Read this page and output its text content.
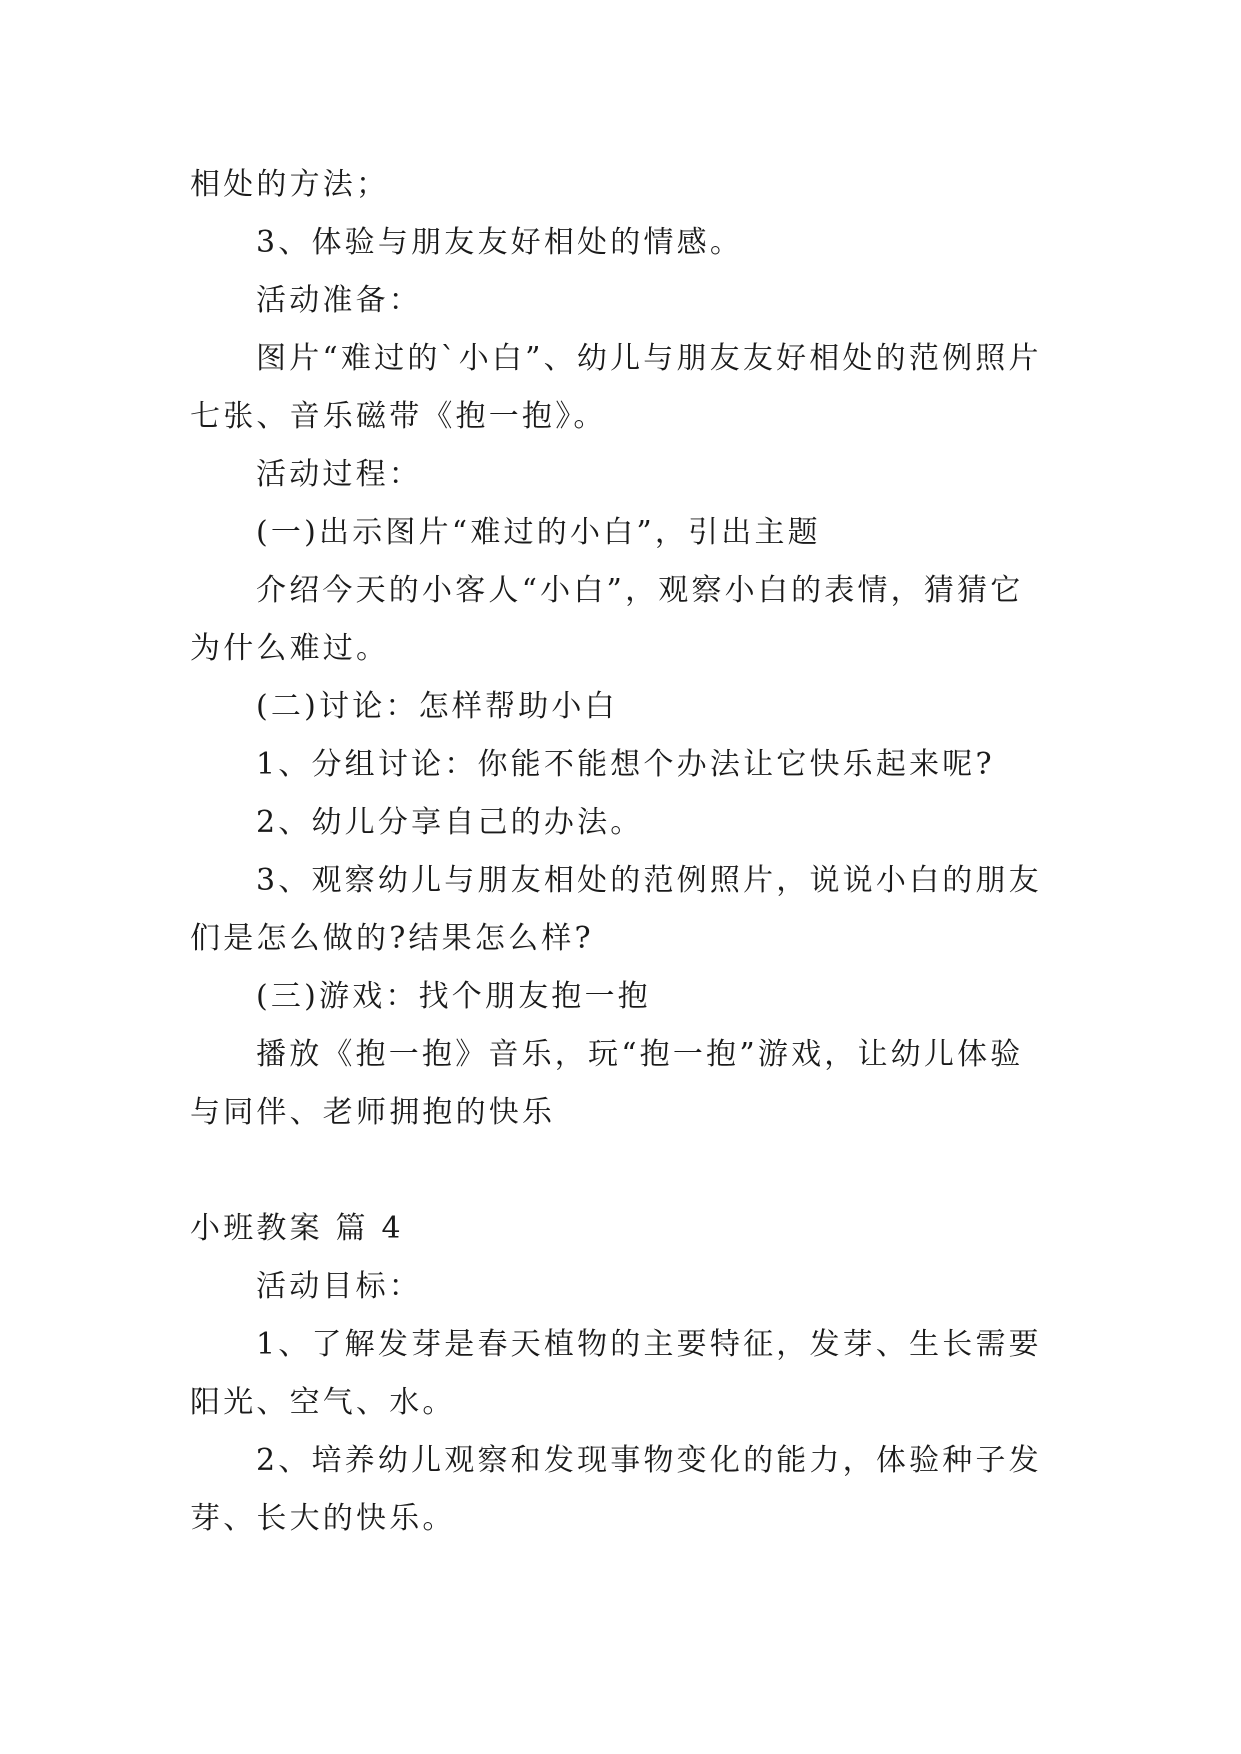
相处的方法；
3、体验与朋友友好相处的情感。
活动准备：
图片“难过的`小白”、幼儿与朋友友好相处的范例照片
七张、音乐磁带《抱一抱》。
活动过程：
(一)出示图片“难过的小白”，引出主题
介绍今天的小客人“小白”，观察小白的表情，猜猜它
为什么难过。
(二)讨论：怎样帮助小白
1、分组讨论：你能不能想个办法让它快乐起来呢?
2、幼儿分享自己的办法。
3、观察幼儿与朋友相处的范例照片，说说小白的朋友
们是怎么做的?结果怎么样?
(三)游戏：找个朋友抱一抱
播放《抱一抱》音乐，玩“抱一抱”游戏，让幼儿体验
与同伴、老师拥抱的快乐
小班教案 篇 4
活动目标：
1、了解发芽是春天植物的主要特征，发芽、生长需要
阳光、空气、水。
2、培养幼儿观察和发现事物变化的能力，体验种子发
芽、长大的快乐。
